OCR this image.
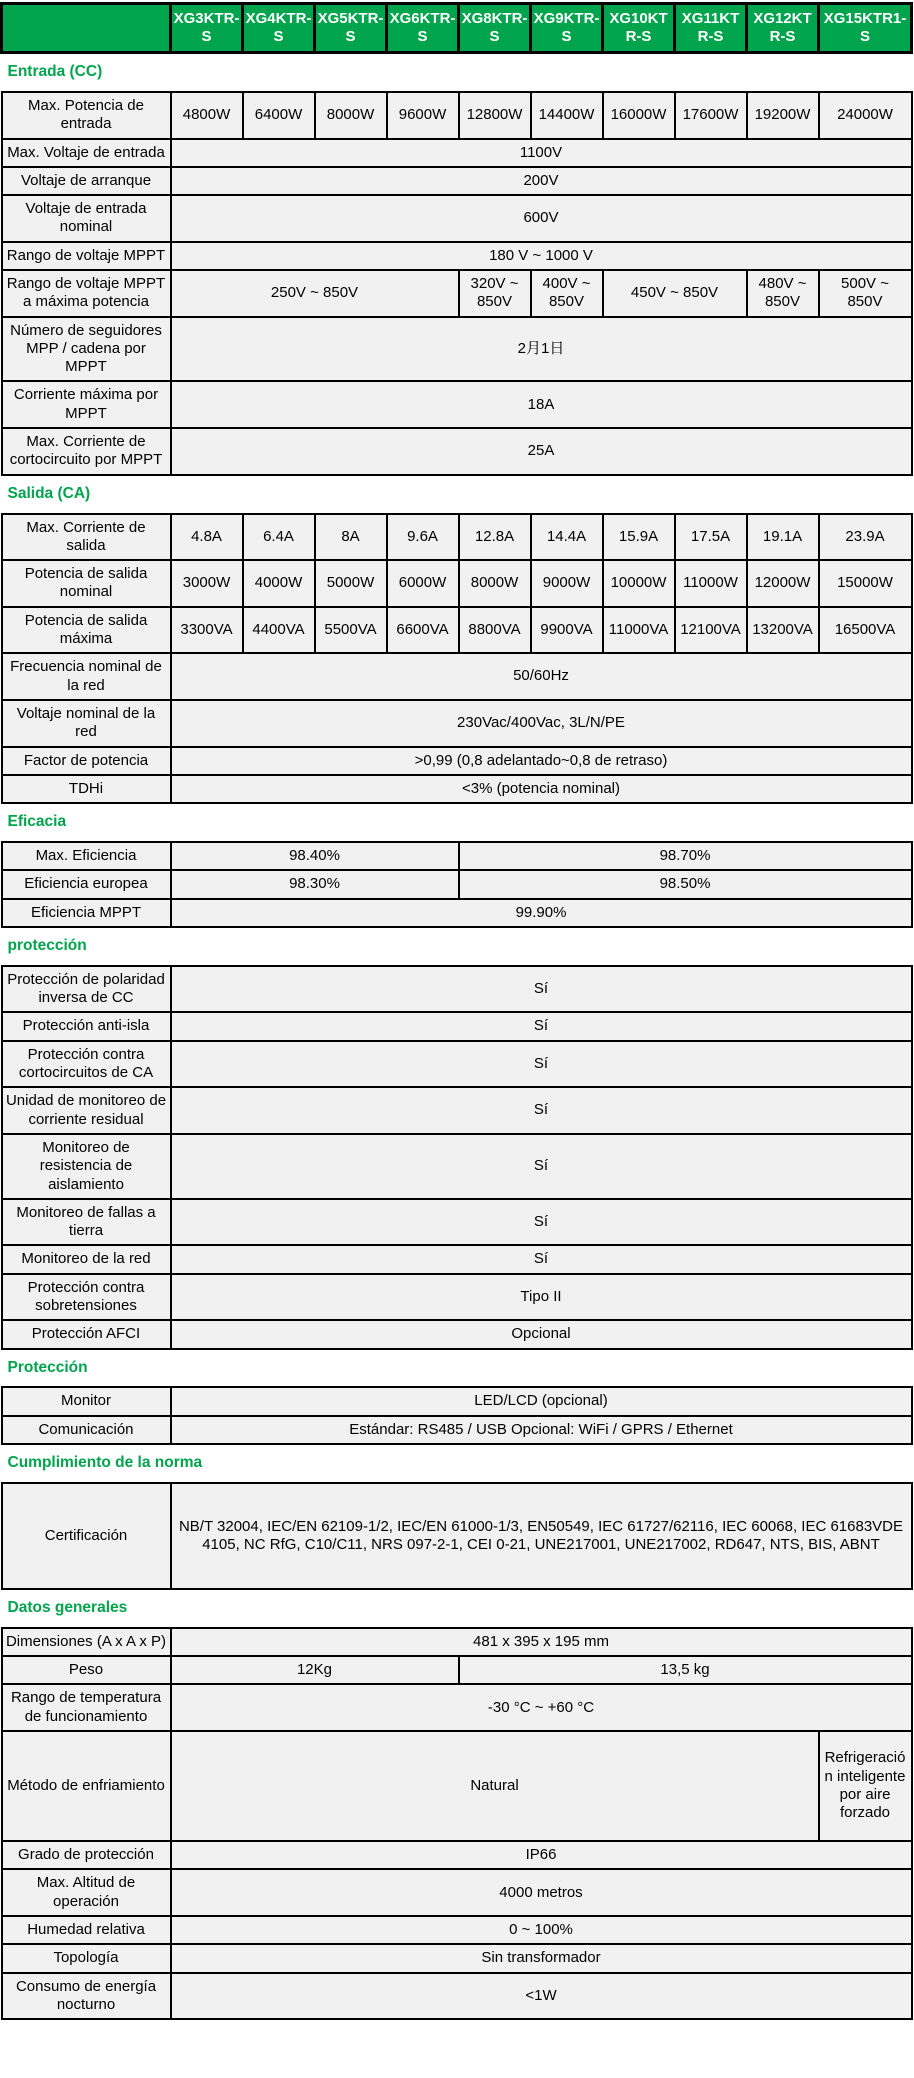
	XG3KTR-S	XG4KTR-S	XG5KTR-S	XG6KTR-S	XG8KTR-S	XG9KTR-S	XG10KTR-S	XG11KTR-S	XG12KTR-S	XG15KTR1-S
Entrada (CC)										
Max. Potencia de entrada	4800W	6400W	8000W	9600W	12800W	14400W	16000W	17600W	19200W	24000W
Max. Voltaje de entrada	1100V									
Voltaje de arranque	200V									
Voltaje de entrada nominal	600V									
Rango de voltaje MPPT	180 V ~ 1000 V									
Rango de voltaje MPPT a máxima potencia	250V ~ 850V				320V ~ 850V	400V ~ 850V	450V ~ 850V		480V ~ 850V	500V ~ 850V
Número de seguidores MPP / cadena por MPPT	2月1日									
Corriente máxima por MPPT	18A									
Max. Corriente de cortocircuito por MPPT	25A									
Salida (CA)										
Max. Corriente de salida	4.8A	6.4A	8A	9.6A	12.8A	14.4A	15.9A	17.5A	19.1A	23.9A
Potencia de salida nominal	3000W	4000W	5000W	6000W	8000W	9000W	10000W	11000W	12000W	15000W
Potencia de salida máxima	3300VA	4400VA	5500VA	6600VA	8800VA	9900VA	11000VA	12100VA	13200VA	16500VA
Frecuencia nominal de la red	50/60Hz									
Voltaje nominal de la red	230Vac/400Vac, 3L/N/PE									
Factor de potencia	>0,99 (0,8 adelantado~0,8 de retraso)									
TDHi	<3% (potencia nominal)									
Eficacia										
Max. Eficiencia	98.40%				98.70%					
Eficiencia europea	98.30%				98.50%					
Eficiencia MPPT	99.90%									
protección										
Protección de polaridad inversa de CC	Sí									
Protección anti-isla	Sí									
Protección contra cortocircuitos de CA	Sí									
Unidad de monitoreo de corriente residual	Sí									
Monitoreo de resistencia de aislamiento	Sí									
Monitoreo de fallas a tierra	Sí									
Monitoreo de la red	Sí									
Protección contra sobretensiones	Tipo II									
Protección AFCI	Opcional									
Protección										
Monitor	LED/LCD (opcional)									
Comunicación	Estándar: RS485 / USB Opcional: WiFi / GPRS / Ethernet									
Cumplimiento de la norma										
Certificación	NB/T 32004, IEC/EN 62109-1/2, IEC/EN 61000-1/3, EN50549, IEC 61727/62116, IEC 60068, IEC 61683VDE 4105, NC RfG, C10/C11, NRS 097-2-1, CEI 0-21, UNE217001, UNE217002, RD647, NTS, BIS, ABNT									
Datos generales										
Dimensiones (A x A x P)	481 x 395 x 195 mm									
Peso	12Kg				13,5 kg					
Rango de temperatura de funcionamiento	-30 °C ~ +60 °C									
Método de enfriamiento	Natural									Refrigeración inteligente por aire forzado
Grado de protección	IP66									
Max. Altitud de operación	4000 metros									
Humedad relativa	0 ~ 100%									
Topología	Sin transformador									
Consumo de energía nocturno	<1W									
